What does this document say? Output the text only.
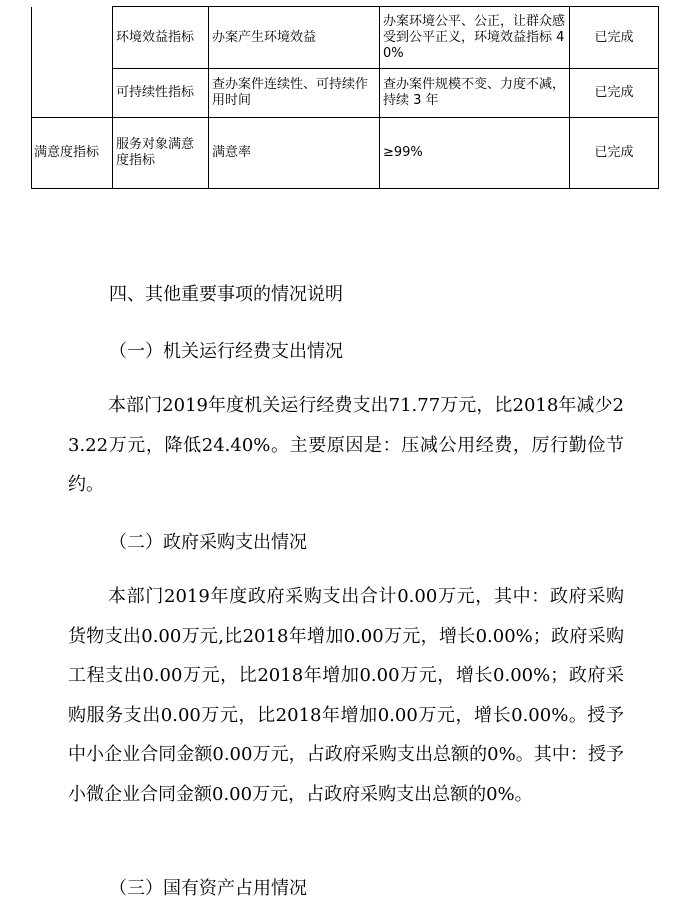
	环境效益指标	办案产生环境效益	办案环境公平、公正，让群众感受到公平正义，环境效益指标 40%	已完成
	可持续性指标	查办案件连续性、可持续作用时间	查办案件规模不变、力度不减，持续 3 年	已完成
满意度指标	服务对象满意度指标	满意率	≥99%	已完成
四、其他重要事项的情况说明
（一）机关运行经费支出情况
本部门2019年度机关运行经费支出71.77万元，比2018年减少23.22万元，降低24.40%。主要原因是：压减公用经费，厉行勤俭节约。
（二）政府采购支出情况
本部门2019年度政府采购支出合计0.00万元，其中：政府采购货物支出0.00万元,比2018年增加0.00万元，增长0.00%；政府采购工程支出0.00万元，比2018年增加0.00万元，增长0.00%；政府采购服务支出0.00万元，比2018年增加0.00万元，增长0.00%。授予中小企业合同金额0.00万元，占政府采购支出总额的0%。其中：授予小微企业合同金额0.00万元，占政府采购支出总额的0%。
（三）国有资产占用情况
